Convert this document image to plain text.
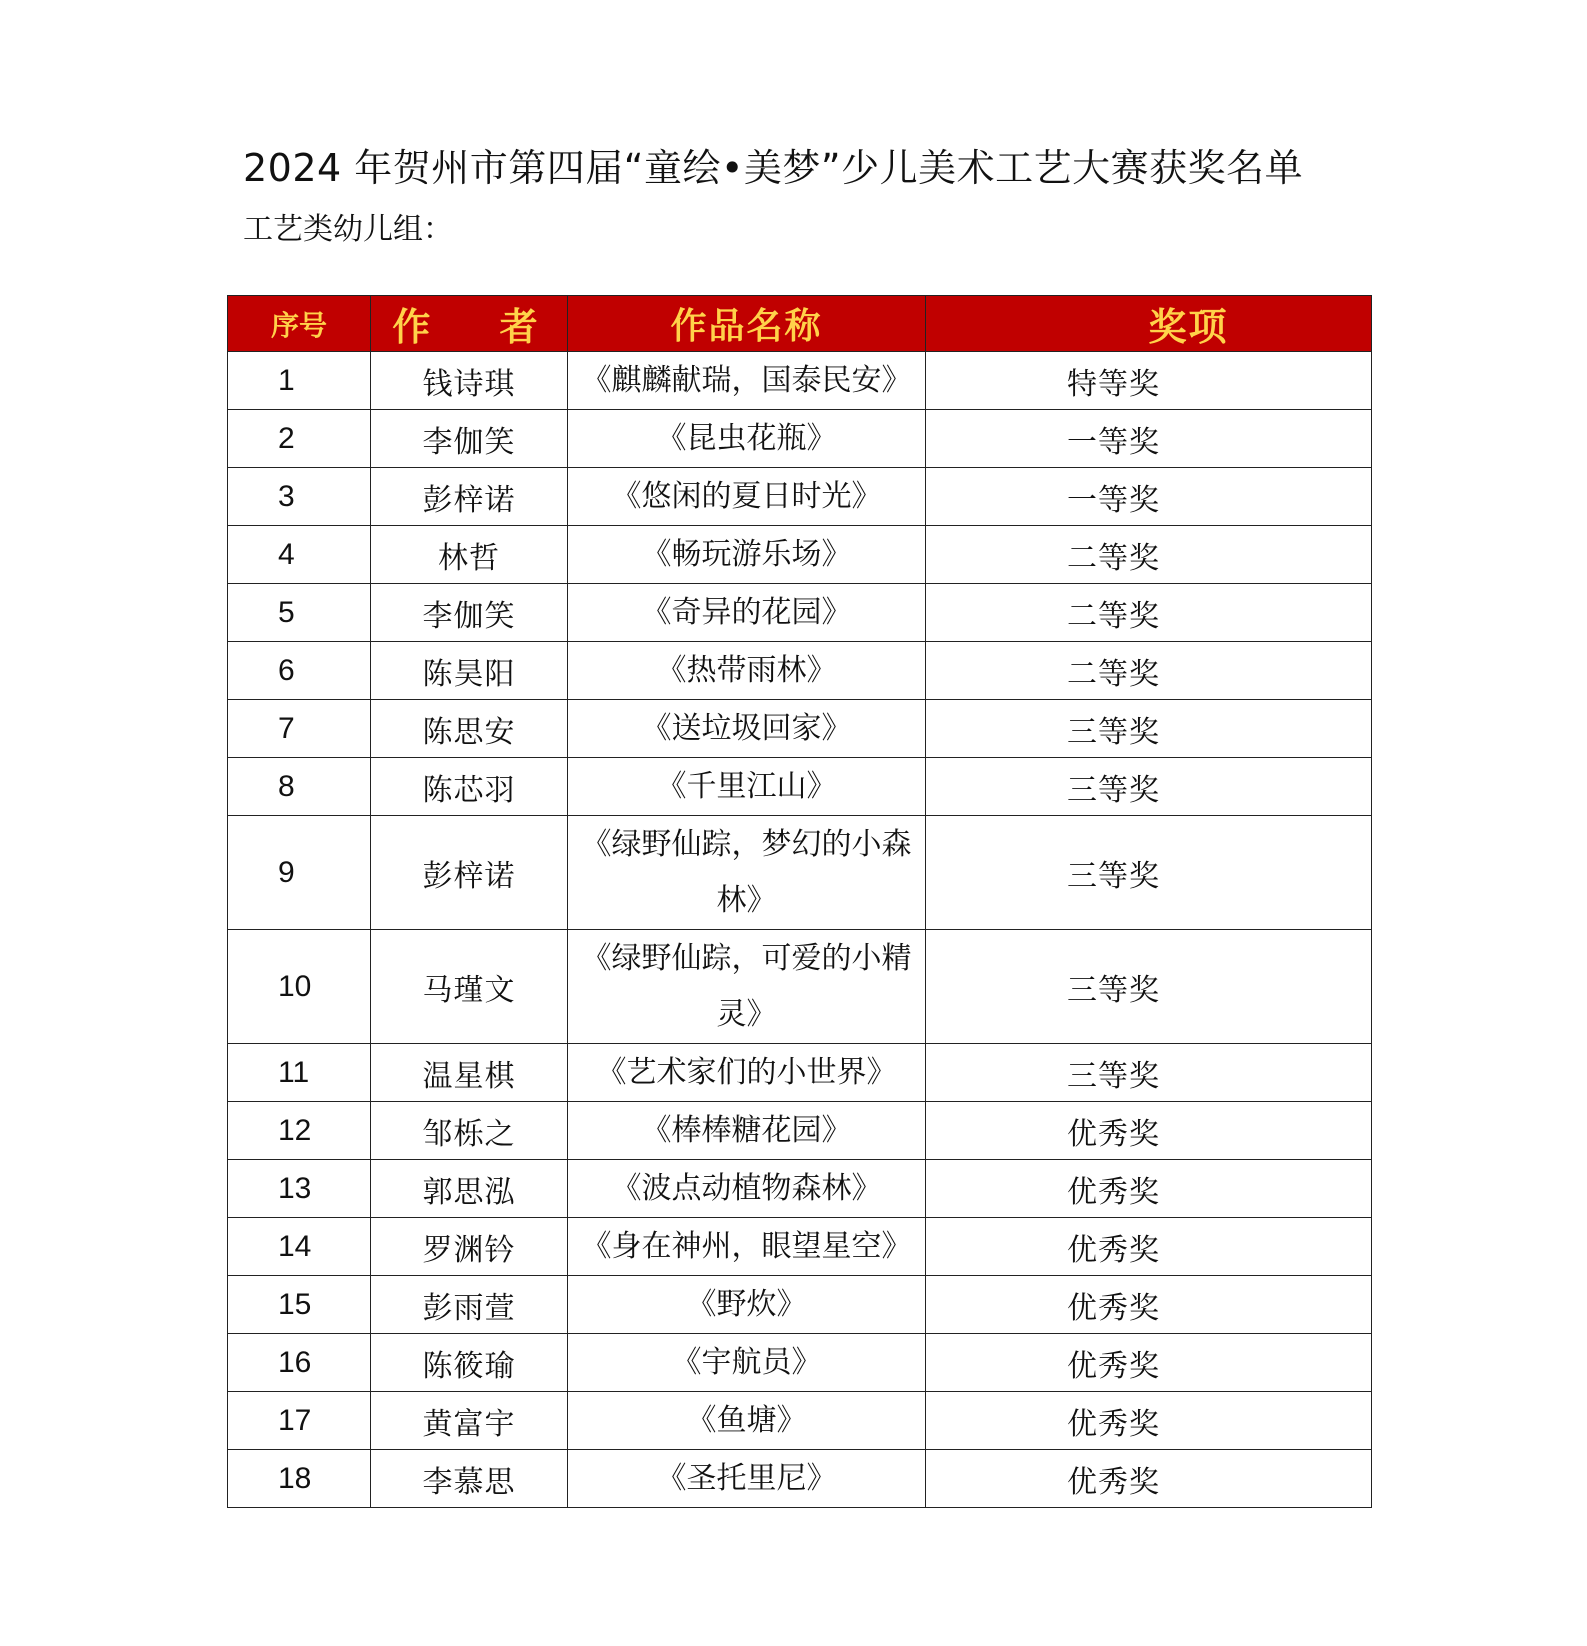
2024 年贺州市第四届“童绘•美梦”少儿美术工艺大赛获奖名单
工艺类幼儿组：
序号	作 者	作品名称	奖项
1	钱诗琪	《麒麟献瑞，国泰民安》	特等奖
2	李伽笑	《昆虫花瓶》	一等奖
3	彭梓诺	《悠闲的夏日时光》	一等奖
4	林哲	《畅玩游乐场》	二等奖
5	李伽笑	《奇异的花园》	二等奖
6	陈昊阳	《热带雨林》	二等奖
7	陈思安	《送垃圾回家》	三等奖
8	陈芯羽	《千里江山》	三等奖
9	彭梓诺	《绿野仙踪，梦幻的小森林》	三等奖
10	马瑾文	《绿野仙踪，可爱的小精灵》	三等奖
11	温星棋	《艺术家们的小世界》	三等奖
12	邹栎之	《棒棒糖花园》	优秀奖
13	郭思泓	《波点动植物森林》	优秀奖
14	罗渊钤	《身在神州，眼望星空》	优秀奖
15	彭雨萱	《野炊》	优秀奖
16	陈筱瑜	《宇航员》	优秀奖
17	黄富宇	《鱼塘》	优秀奖
18	李慕思	《圣托里尼》	优秀奖
